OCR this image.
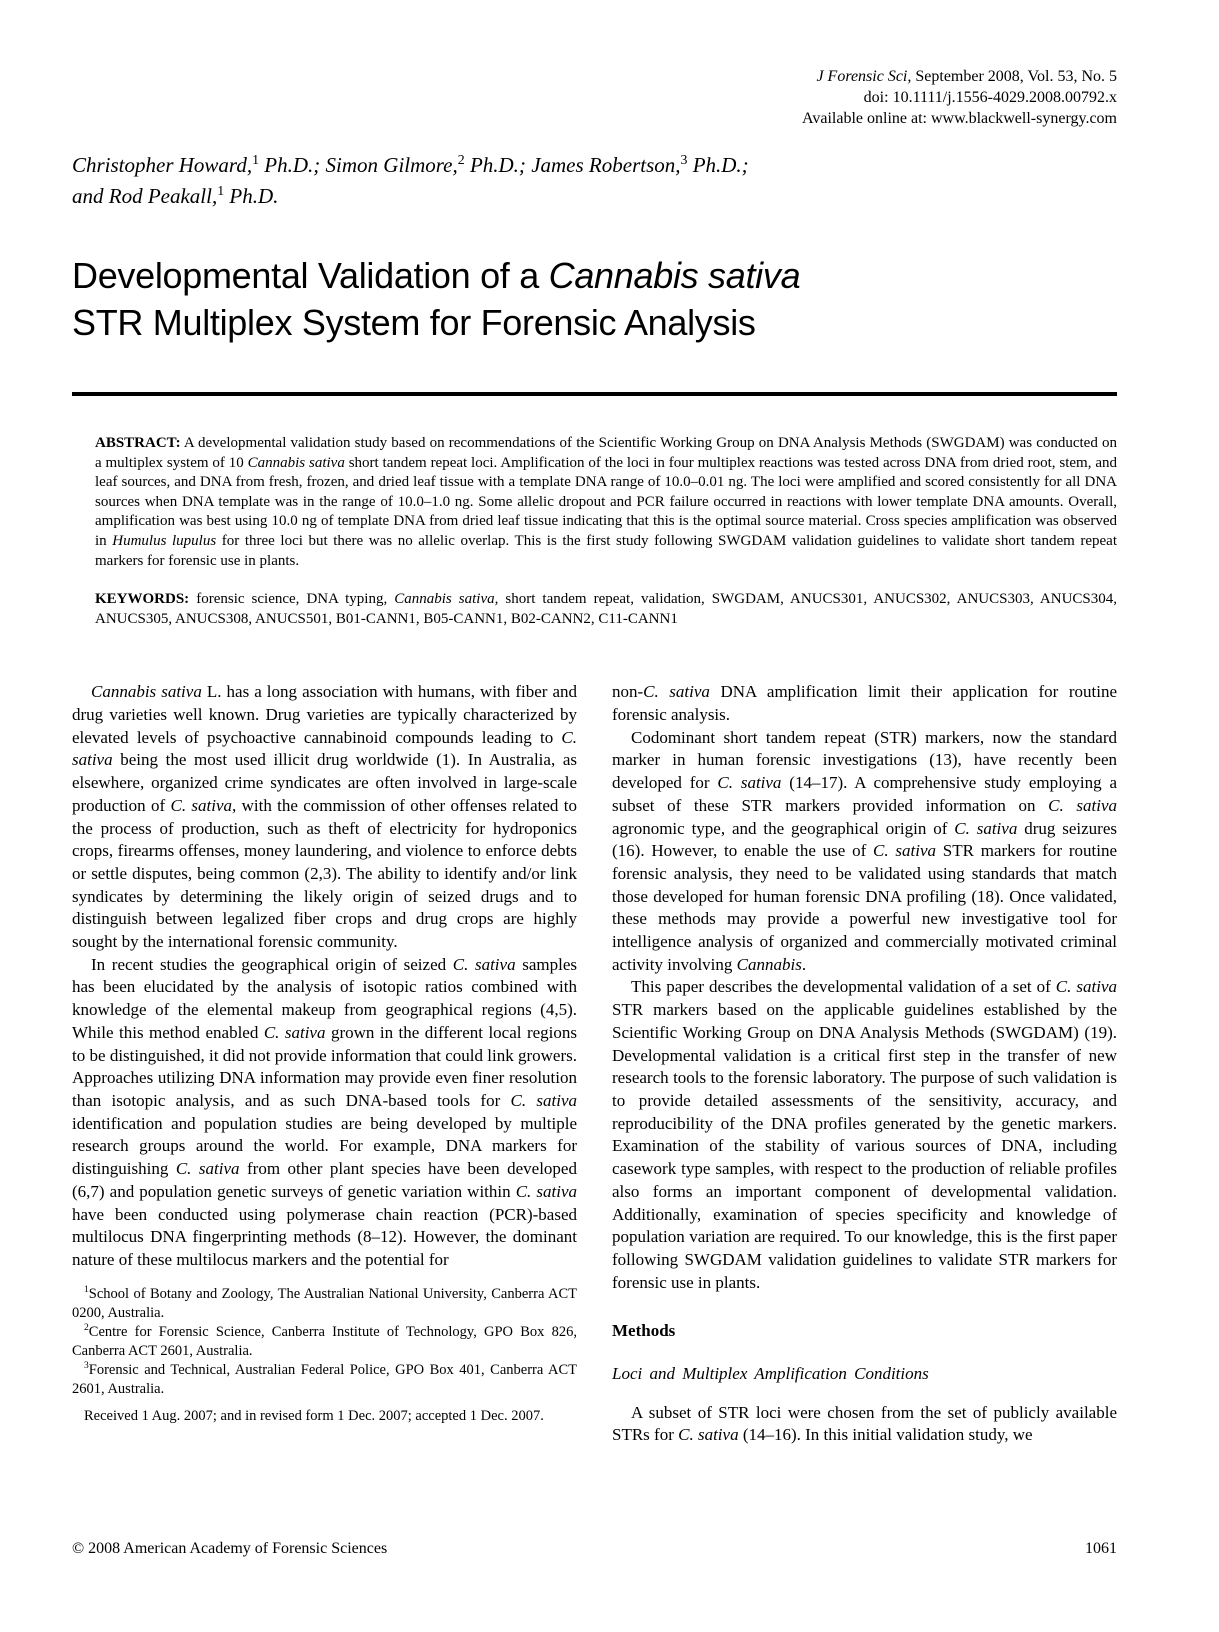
J Forensic Sci, September 2008, Vol. 53, No. 5
doi: 10.1111/j.1556-4029.2008.00792.x
Available online at: www.blackwell-synergy.com
Christopher Howard,$^1$ Ph.D.; Simon Gilmore,$^2$ Ph.D.; James Robertson,$^3$ Ph.D.;
and Rod Peakall,$^1$ Ph.D.
Developmental Validation of a Cannabis sativa
STR Multiplex System for Forensic Analysis

ABSTRACT: A developmental validation study based on recommendations of the Scientific Working Group on DNA Analysis Methods (SWGDAM) was conducted on a multiplex system of 10 Cannabis sativa short tandem repeat loci. Amplification of the loci in four multiplex reactions was tested across DNA from dried root, stem, and leaf sources, and DNA from fresh, frozen, and dried leaf tissue with a template DNA range of 10.0–0.01 ng. The loci were amplified and scored consistently for all DNA sources when DNA template was in the range of 10.0–1.0 ng. Some allelic dropout and PCR failure occurred in reactions with lower template DNA amounts. Overall, amplification was best using 10.0 ng of template DNA from dried leaf tissue indicating that this is the optimal source material. Cross species amplification was observed in Humulus lupulus for three loci but there was no allelic overlap. This is the first study following SWGDAM validation guidelines to validate short tandem repeat markers for forensic use in plants.

KEYWORDS: forensic science, DNA typing, Cannabis sativa, short tandem repeat, validation, SWGDAM, ANUCS301, ANUCS302, ANUCS303, ANUCS304, ANUCS305, ANUCS308, ANUCS501, B01-CANN1, B05-CANN1, B02-CANN2, C11-CANN1

Cannabis sativa L. has a long association with humans, with fiber and drug varieties well known. Drug varieties are typically characterized by elevated levels of psychoactive cannabinoid compounds leading to C. sativa being the most used illicit drug worldwide (1). In Australia, as elsewhere, organized crime syndicates are often involved in large-scale production of C. sativa, with the commission of other offenses related to the process of production, such as theft of electricity for hydroponics crops, firearms offenses, money laundering, and violence to enforce debts or settle disputes, being common (2,3). The ability to identify and/or link syndicates by determining the likely origin of seized drugs and to distinguish between legalized fiber crops and drug crops are highly sought by the international forensic community.

In recent studies the geographical origin of seized C. sativa samples has been elucidated by the analysis of isotopic ratios combined with knowledge of the elemental makeup from geographical regions (4,5). While this method enabled C. sativa grown in the different local regions to be distinguished, it did not provide information that could link growers. Approaches utilizing DNA information may provide even finer resolution than isotopic analysis, and as such DNA-based tools for C. sativa identification and population studies are being developed by multiple research groups around the world. For example, DNA markers for distinguishing C. sativa from other plant species have been developed (6,7) and population genetic surveys of genetic variation within C. sativa have been conducted using polymerase chain reaction (PCR)-based multilocus DNA fingerprinting methods (8–12). However, the dominant nature of these multilocus markers and the potential for

$^1$School of Botany and Zoology, The Australian National University, Canberra ACT 0200, Australia.

$^2$Centre for Forensic Science, Canberra Institute of Technology, GPO Box 826, Canberra ACT 2601, Australia.

$^3$Forensic and Technical, Australian Federal Police, GPO Box 401, Canberra ACT 2601, Australia.

Received 1 Aug. 2007; and in revised form 1 Dec. 2007; accepted 1 Dec. 2007.

non-C. sativa DNA amplification limit their application for routine forensic analysis.

Codominant short tandem repeat (STR) markers, now the standard marker in human forensic investigations (13), have recently been developed for C. sativa (14–17). A comprehensive study employing a subset of these STR markers provided information on C. sativa agronomic type, and the geographical origin of C. sativa drug seizures (16). However, to enable the use of C. sativa STR markers for routine forensic analysis, they need to be validated using standards that match those developed for human forensic DNA profiling (18). Once validated, these methods may provide a powerful new investigative tool for intelligence analysis of organized and commercially motivated criminal activity involving Cannabis.

This paper describes the developmental validation of a set of C. sativa STR markers based on the applicable guidelines established by the Scientific Working Group on DNA Analysis Methods (SWGDAM) (19). Developmental validation is a critical first step in the transfer of new research tools to the forensic laboratory. The purpose of such validation is to provide detailed assessments of the sensitivity, accuracy, and reproducibility of the DNA profiles generated by the genetic markers. Examination of the stability of various sources of DNA, including casework type samples, with respect to the production of reliable profiles also forms an important component of developmental validation. Additionally, examination of species specificity and knowledge of population variation are required. To our knowledge, this is the first paper following SWGDAM validation guidelines to validate STR markers for forensic use in plants.

Methods
Loci and Multiplex Amplification Conditions

A subset of STR loci were chosen from the set of publicly available STRs for C. sativa (14–16). In this initial validation study, we

© 2008 American Academy of Forensic Sciences	1061
